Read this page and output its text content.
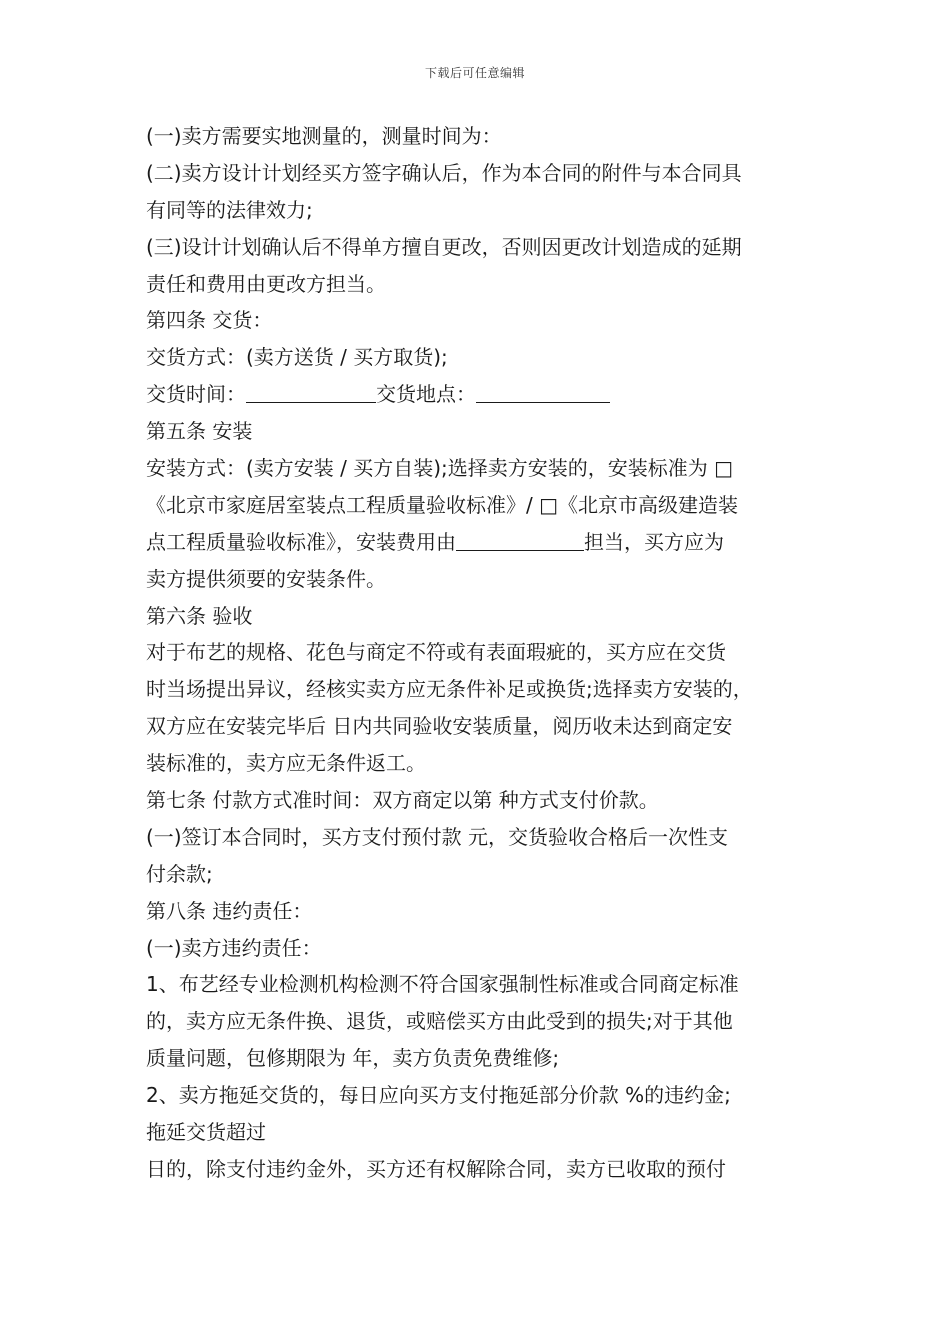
下载后可任意编辑
(一)卖方需要实地测量的，测量时间为：
(二)卖方设计计划经买方签字确认后，作为本合同的附件与本合同具
有同等的法律效力;
(三)设计计划确认后不得单方擅自更改，否则因更改计划造成的延期
责任和费用由更改方担当。
第四条 交货：
交货方式：(卖方送货 / 买方取货);
交货时间：	交货地点：
第五条 安装
安装方式：(卖方安装 / 买方自装);选择卖方安装的，安装标准为 □
《北京市家庭居室装点工程质量验收标准》/ □《北京市高级建造装
点工程质量验收标准》，安装费用由	担当，买方应为
卖方提供须要的安装条件。
第六条 验收
对于布艺的规格、花色与商定不符或有表面瑕疵的，买方应在交货
时当场提出异议，经核实卖方应无条件补足或换货;选择卖方安装的，
双方应在安装完毕后 日内共同验收安装质量，阅历收未达到商定安
装标准的，卖方应无条件返工。
第七条 付款方式准时间：双方商定以第 种方式支付价款。
(一)签订本合同时，买方支付预付款 元，交货验收合格后一次性支
付余款;
第八条 违约责任：
(一)卖方违约责任：
1、布艺经专业检测机构检测不符合国家强制性标准或合同商定标准
的，卖方应无条件换、退货，或赔偿买方由此受到的损失;对于其他
质量问题，包修期限为 年，卖方负责免费维修;
2、卖方拖延交货的，每日应向买方支付拖延部分价款 %的违约金;
拖延交货超过
日的，除支付违约金外，买方还有权解除合同，卖方已收取的预付
